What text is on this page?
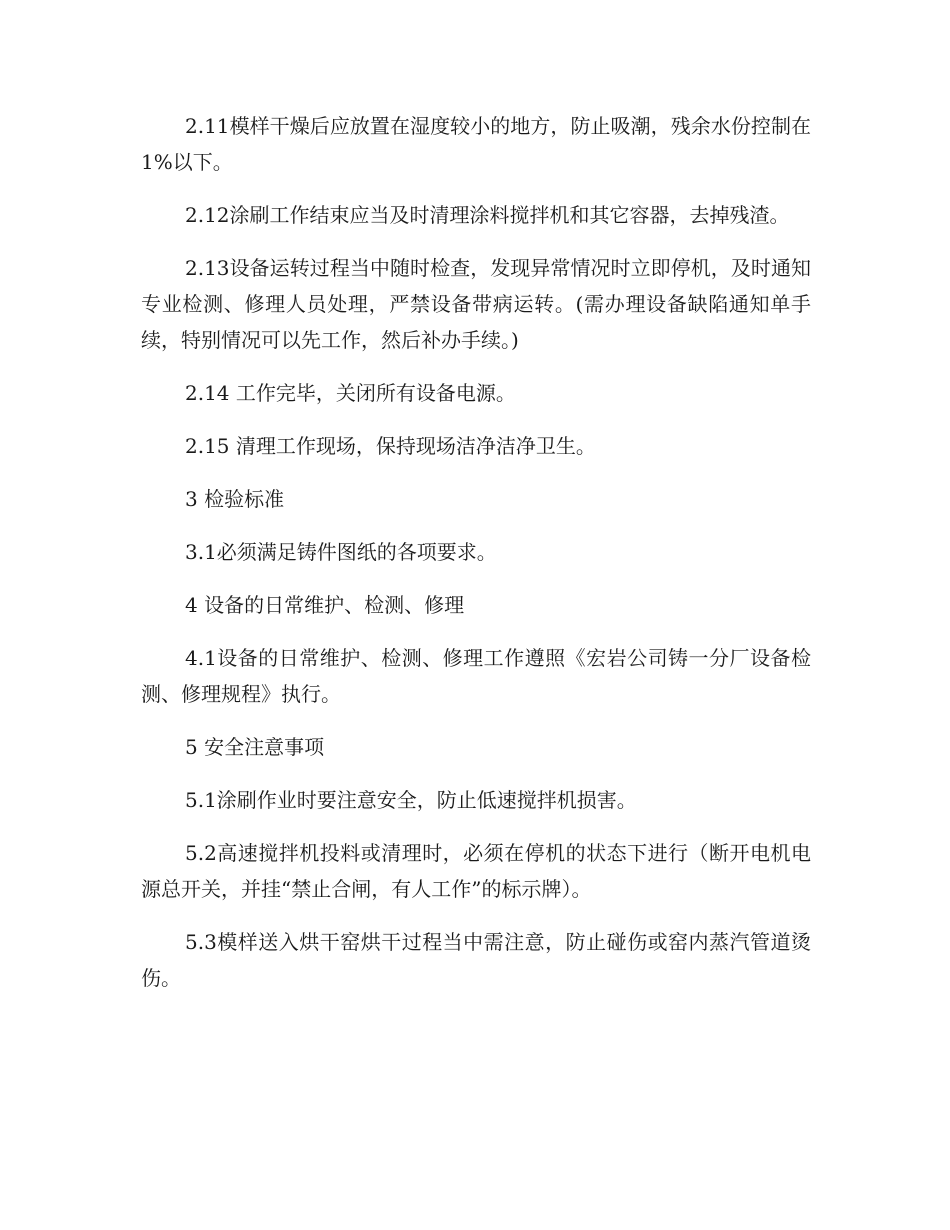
2.11模样干燥后应放置在湿度较小的地方，防止吸潮，残余水份控制在1%以下。

2.12涂刷工作结束应当及时清理涂料搅拌机和其它容器，去掉残渣。

2.13设备运转过程当中随时检查，发现异常情况时立即停机，及时通知专业检测、修理人员处理，严禁设备带病运转。(需办理设备缺陷通知单手续，特别情况可以先工作，然后补办手续。)

2.14 工作完毕，关闭所有设备电源。

2.15 清理工作现场，保持现场洁净洁净卫生。

3 检验标准

3.1必须满足铸件图纸的各项要求。

4 设备的日常维护、检测、修理

4.1设备的日常维护、检测、修理工作遵照《宏岩公司铸一分厂设备检测、修理规程》执行。

5 安全注意事项

5.1涂刷作业时要注意安全，防止低速搅拌机损害。

5.2高速搅拌机投料或清理时，必须在停机的状态下进行（断开电机电源总开关，并挂“禁止合闸，有人工作”的标示牌）。

5.3模样送入烘干窑烘干过程当中需注意，防止碰伤或窑内蒸汽管道烫伤。
